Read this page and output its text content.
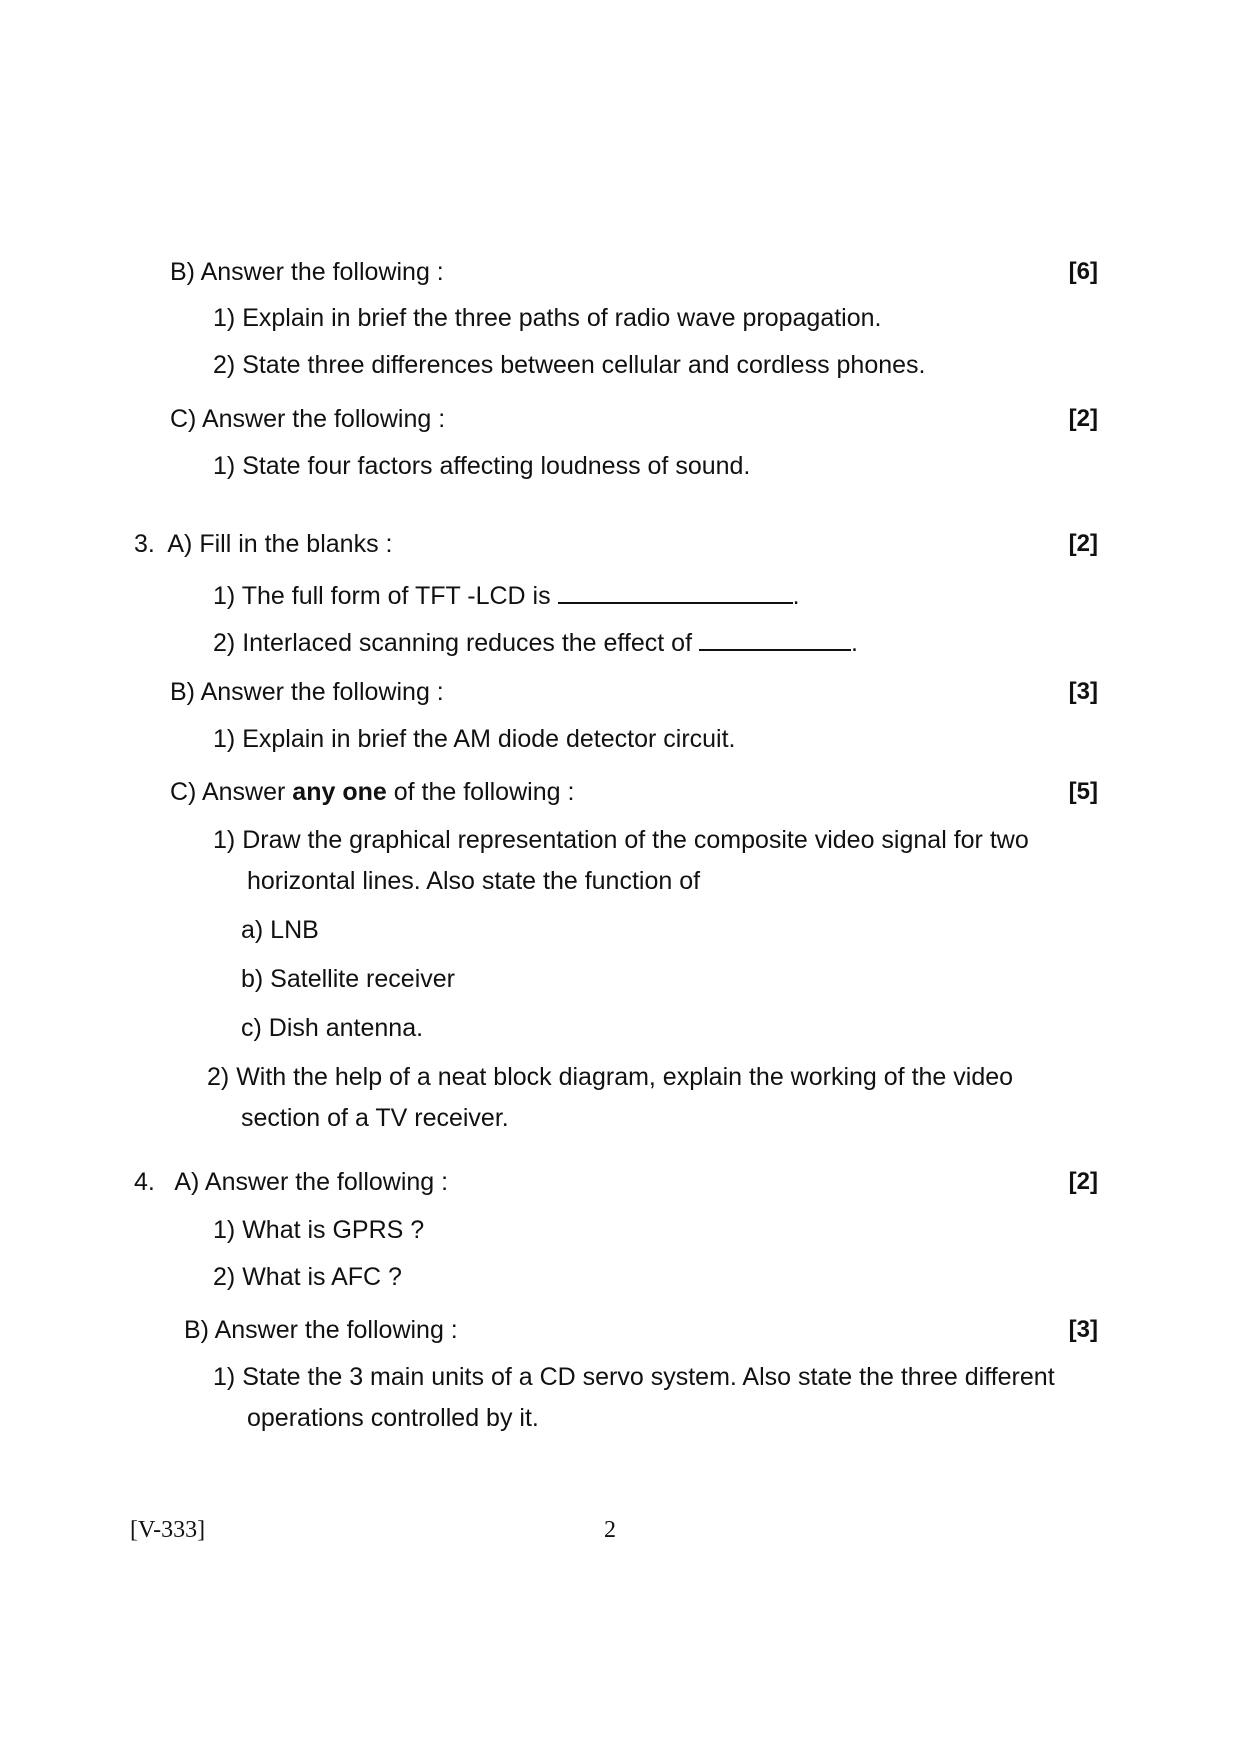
B) Answer the following :	[6]
1) Explain in brief the three paths of radio wave propagation.
2) State three differences between cellular and cordless phones.
C) Answer the following :	[2]
1) State four factors affecting loudness of sound.
3. A) Fill in the blanks :	[2]
1) The full form of TFT -LCD is	.
2) Interlaced scanning reduces the effect of	.
B) Answer the following :	[3]
1) Explain in brief the AM diode detector circuit.
C) Answer any one of the following :	[5]
1) Draw the graphical representation of the composite video signal for two
horizontal lines. Also state the function of
a) LNB
b) Satellite receiver
c) Dish antenna.
2) With the help of a neat block diagram, explain the working of the video
section of a TV receiver.
4. A) Answer the following :	[2]
1) What is GPRS ?
2) What is AFC ?
B) Answer the following :	[3]
1) State the 3 main units of a CD servo system. Also state the three different
operations controlled by it.
[V-333]	2
